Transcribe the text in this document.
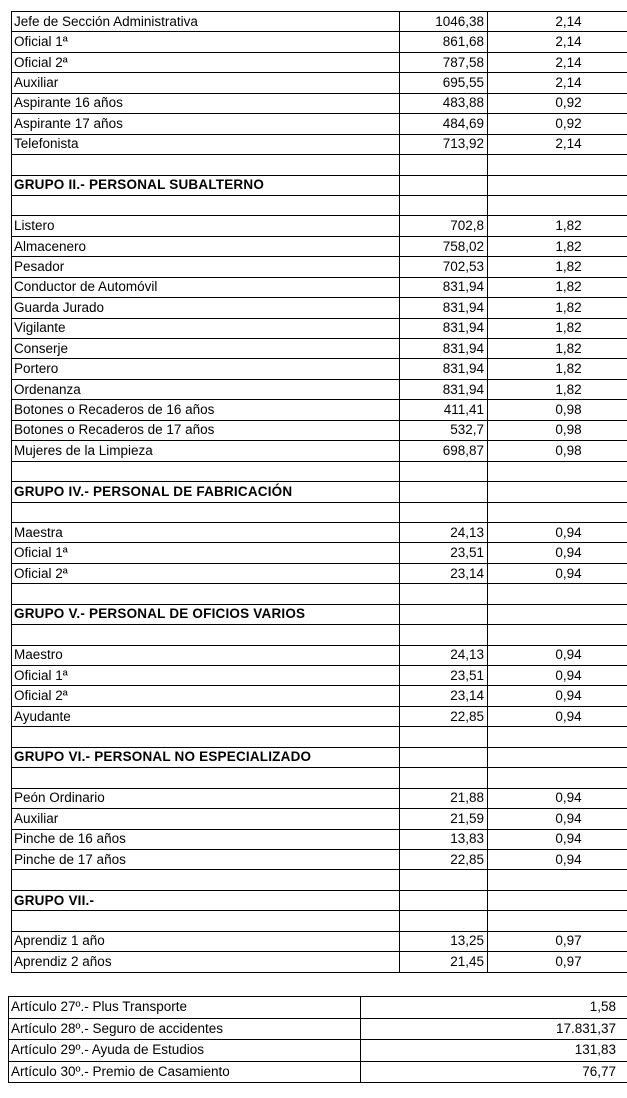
Jefe de Sección Administrativa	1046,38	2,14
Oficial 1ª	861,68	2,14
Oficial 2ª	787,58	2,14
Auxiliar	695,55	2,14
Aspirante 16 años	483,88	0,92
Aspirante 17 años	484,69	0,92
Telefonista	713,92	2,14

GRUPO II.- PERSONAL SUBALTERNO		

Listero	702,8	1,82
Almacenero	758,02	1,82
Pesador	702,53	1,82
Conductor de Automóvil	831,94	1,82
Guarda Jurado	831,94	1,82
Vigilante	831,94	1,82
Conserje	831,94	1,82
Portero	831,94	1,82
Ordenanza	831,94	1,82
Botones o Recaderos de 16 años	411,41	0,98
Botones o Recaderos de 17 años	532,7	0,98
Mujeres de la Limpieza	698,87	0,98

GRUPO IV.- PERSONAL DE FABRICACIÓN		

Maestra	24,13	0,94
Oficial 1ª	23,51	0,94
Oficial 2ª	23,14	0,94

GRUPO V.- PERSONAL DE OFICIOS VARIOS		

Maestro	24,13	0,94
Oficial 1ª	23,51	0,94
Oficial 2ª	23,14	0,94
Ayudante	22,85	0,94

GRUPO VI.- PERSONAL NO ESPECIALIZADO		

Peón Ordinario	21,88	0,94
Auxiliar	21,59	0,94
Pinche de 16 años	13,83	0,94
Pinche de 17 años	22,85	0,94

GRUPO VII.-		

Aprendiz 1 año	13,25	0,97
Aprendiz 2 años	21,45	0,97
Artículo 27º.- Plus Transporte	1,58
Artículo 28º.- Seguro de accidentes	17.831,37
Artículo 29º.- Ayuda de Estudios	131,83
Artículo 30º.- Premio de Casamiento	76,77
